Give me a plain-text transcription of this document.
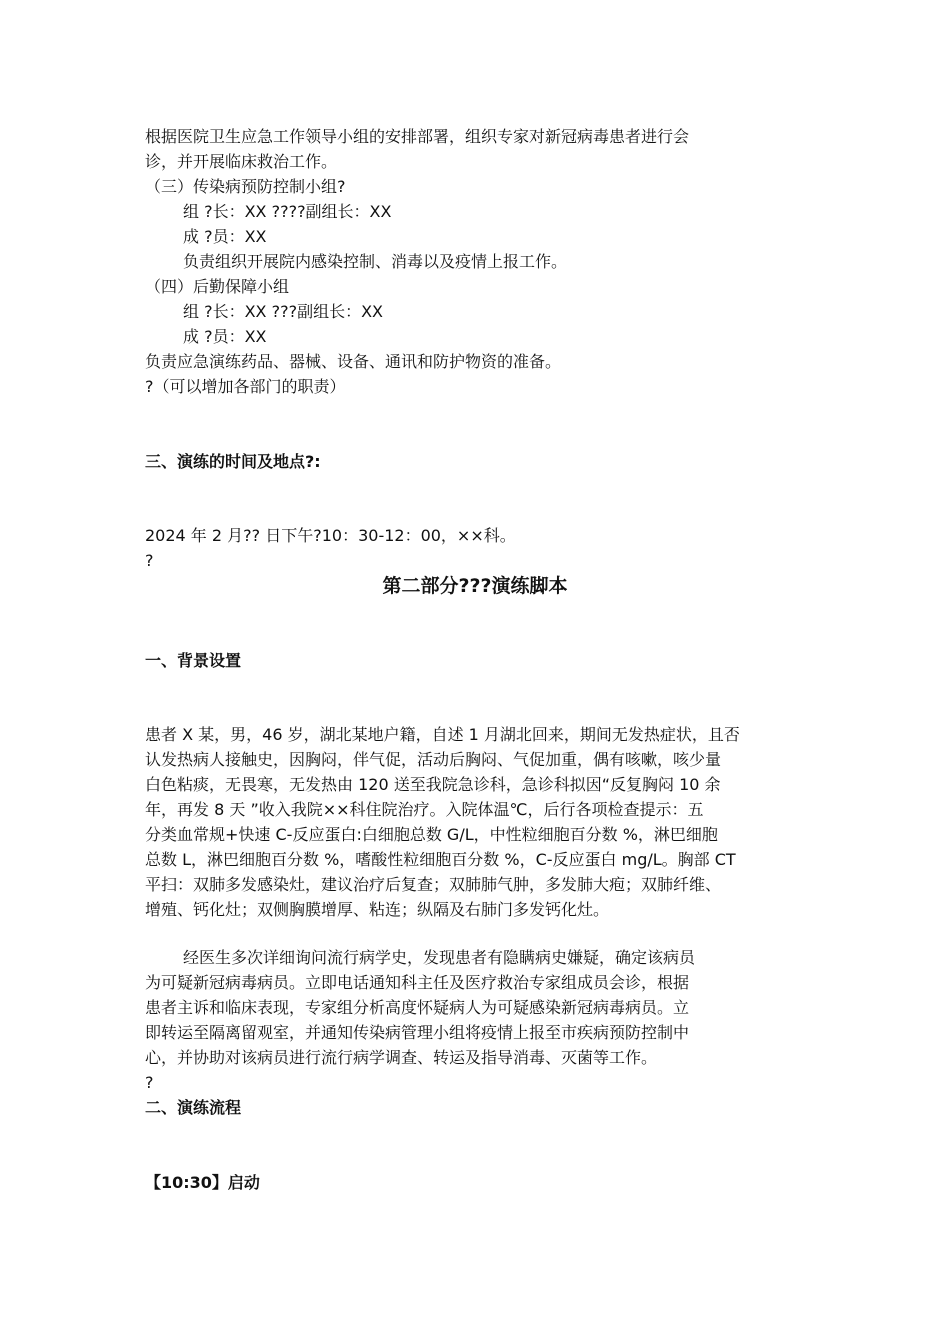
根据医院卫生应急工作领导小组的安排部署，组织专家对新冠病毒患者进行会
诊，并开展临床救治工作。
（三）传染病预防控制小组?
组 ?长：XX ????副组长：XX
成 ?员：XX
负责组织开展院内感染控制、消毒以及疫情上报工作。
（四）后勤保障小组
组 ?长：XX ???副组长：XX
成 ?员：XX
负责应急演练药品、器械、设备、通讯和防护物资的准备。
?（可以增加各部门的职责）
三、演练的时间及地点?:
2024 年 2 月?? 日下午?10：30-12：00，××科。
?
第二部分???演练脚本
一、背景设置
患者 X 某，男，46 岁，湖北某地户籍，自述 1 月湖北回来，期间无发热症状，且否
认发热病人接触史，因胸闷，伴气促，活动后胸闷、气促加重，偶有咳嗽，咳少量
白色粘痰，无畏寒，无发热由 120 送至我院急诊科，急诊科拟因“反复胸闷 10 余
年，再发 8 天 ”收入我院××科住院治疗。入院体温℃，后行各项检查提示：五
分类血常规+快速 C-反应蛋白:白细胞总数 G/L，中性粒细胞百分数 %，淋巴细胞
总数 L，淋巴细胞百分数 %，嗜酸性粒细胞百分数 %，C-反应蛋白 mg/L。胸部 CT
平扫：双肺多发感染灶，建议治疗后复查；双肺肺气肿，多发肺大疱；双肺纤维、
增殖、钙化灶；双侧胸膜增厚、粘连；纵隔及右肺门多发钙化灶。
经医生多次详细询问流行病学史，发现患者有隐瞒病史嫌疑，确定该病员
为可疑新冠病毒病员。立即电话通知科主任及医疗救治专家组成员会诊，根据
患者主诉和临床表现，专家组分析高度怀疑病人为可疑感染新冠病毒病员。立
即转运至隔离留观室，并通知传染病管理小组将疫情上报至市疾病预防控制中
心，并协助对该病员进行流行病学调查、转运及指导消毒、灭菌等工作。
?
二、演练流程
【10:30】启动
